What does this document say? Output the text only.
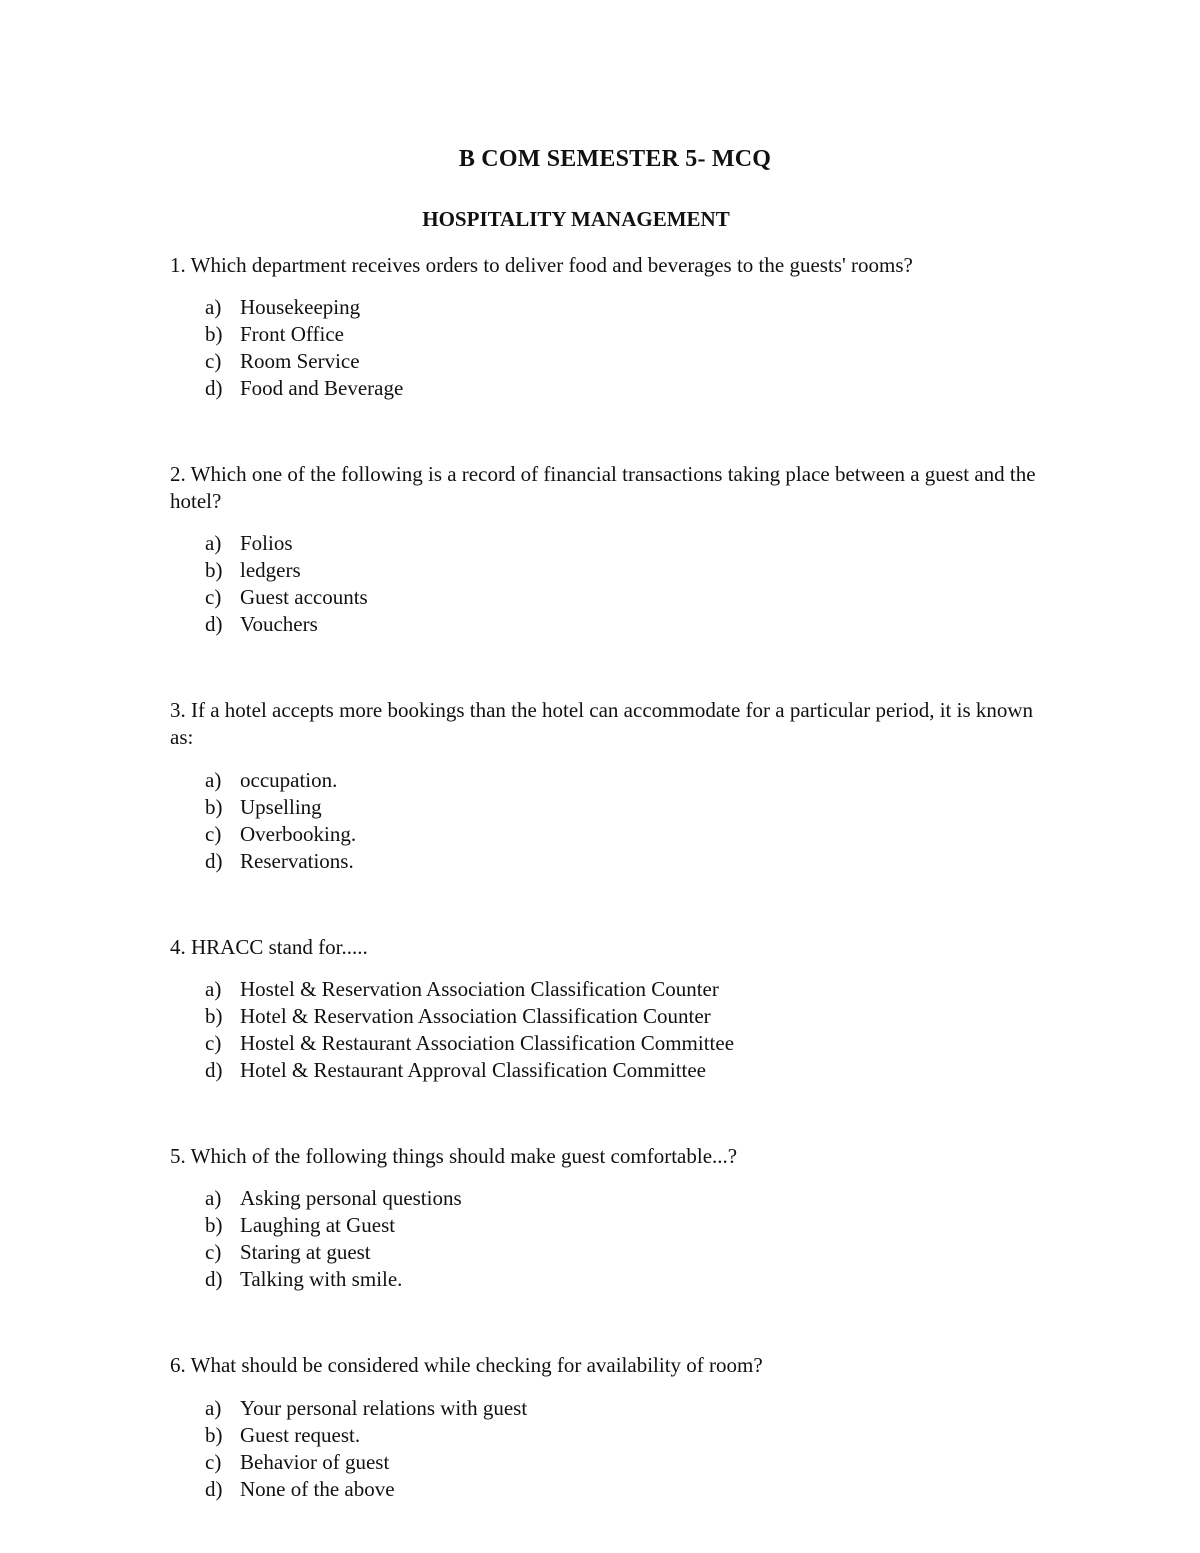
B COM SEMESTER 5- MCQ
HOSPITALITY MANAGEMENT
1. Which department receives orders to deliver food and beverages to the guests' rooms?
a) Housekeeping
b) Front Office
c) Room Service
d) Food and Beverage
2. Which one of the following is a record of financial transactions taking place between a guest and the hotel?
a) Folios
b) ledgers
c) Guest accounts
d) Vouchers
3. If a hotel accepts more bookings than the hotel can accommodate for a particular period, it is known as:
a) occupation.
b) Upselling
c) Overbooking.
d) Reservations.
4. HRACC stand for.....
a) Hostel & Reservation Association Classification Counter
b) Hotel & Reservation Association Classification Counter
c) Hostel & Restaurant Association Classification Committee
d) Hotel & Restaurant Approval Classification Committee
5. Which of the following things should make guest comfortable...?
a) Asking personal questions
b) Laughing at Guest
c) Staring at guest
d) Talking with smile.
6. What should be considered while checking for availability of room?
a) Your personal relations with guest
b) Guest request.
c) Behavior of guest
d) None of the above
